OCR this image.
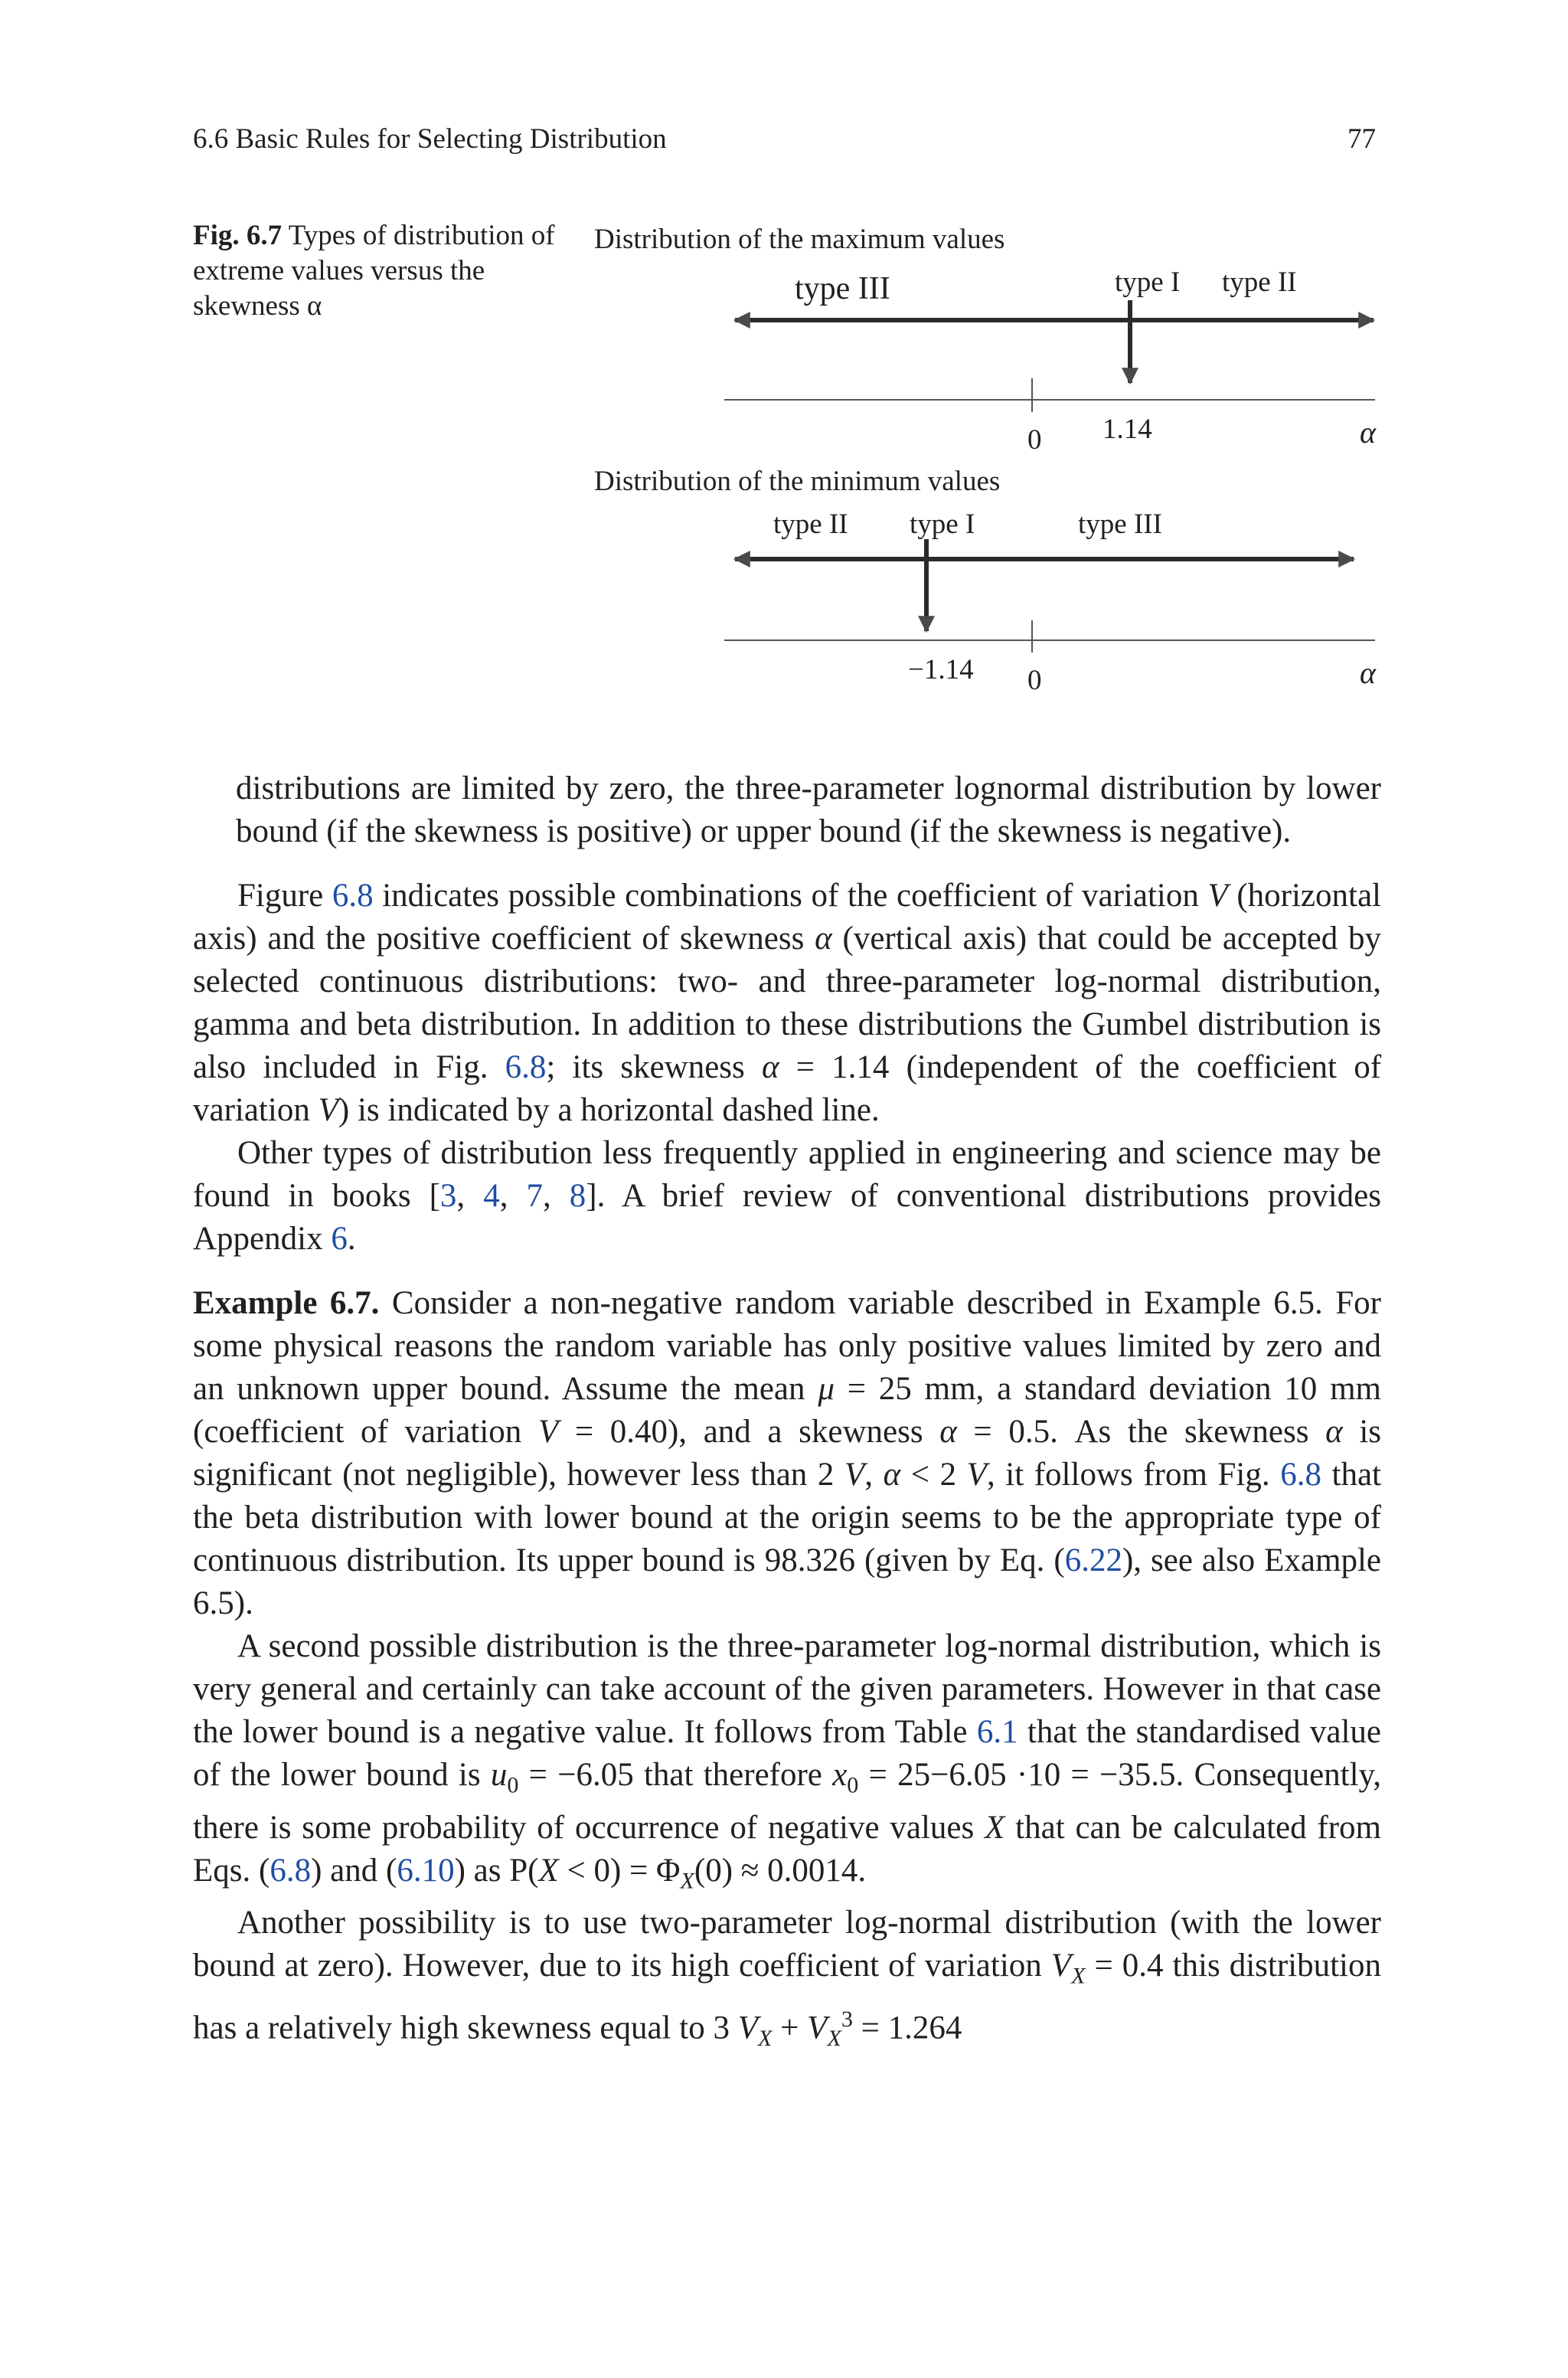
6.6 Basic Rules for Selecting Distribution	77
Fig. 6.7 Types of distribution of extreme values versus the skewness α
Distribution of the maximum values
type III	type I type II
0 1.14	α
Distribution of the minimum values
type II type I	type III
−1.14 0	α

distributions are limited by zero, the three-parameter lognormal distribution by lower bound (if the skewness is positive) or upper bound (if the skewness is negative).

Figure 6.8 indicates possible combinations of the coefficient of variation V (horizontal axis) and the positive coefficient of skewness α (vertical axis) that could be accepted by selected continuous distributions: two- and three-parameter log-normal distribution, gamma and beta distribution. In addition to these distributions the Gumbel distribution is also included in Fig. 6.8; its skewness α = 1.14 (independent of the coefficient of variation V) is indicated by a horizontal dashed line.

Other types of distribution less frequently applied in engineering and science may be found in books [3, 4, 7, 8]. A brief review of conventional distributions provides Appendix 6.

Example 6.7. Consider a non-negative random variable described in Example 6.5. For some physical reasons the random variable has only positive values limited by zero and an unknown upper bound. Assume the mean μ = 25 mm, a standard deviation 10 mm (coefficient of variation V = 0.40), and a skewness α = 0.5. As the skewness α is significant (not negligible), however less than 2 V, α < 2 V, it follows from Fig. 6.8 that the beta distribution with lower bound at the origin seems to be the appropriate type of continuous distribution. Its upper bound is 98.326 (given by Eq. (6.22), see also Example 6.5).

A second possible distribution is the three-parameter log-normal distribution, which is very general and certainly can take account of the given parameters. However in that case the lower bound is a negative value. It follows from Table 6.1 that the standardised value of the lower bound is $u_0 = -6.05$ that therefore $x_0 = 25-6.05 \cdot 10 = -35.5$. Consequently, there is some probability of occurrence of negative values X that can be calculated from Eqs. (6.8) and (6.10) as $P(X < 0) = \Phi_X(0) \approx 0.0014$.

Another possibility is to use two-parameter log-normal distribution (with the lower bound at zero). However, due to its high coefficient of variation $V_X = 0.4$ this distribution has a relatively high skewness equal to 3 $V_X + V_X^3 = 1.264$
